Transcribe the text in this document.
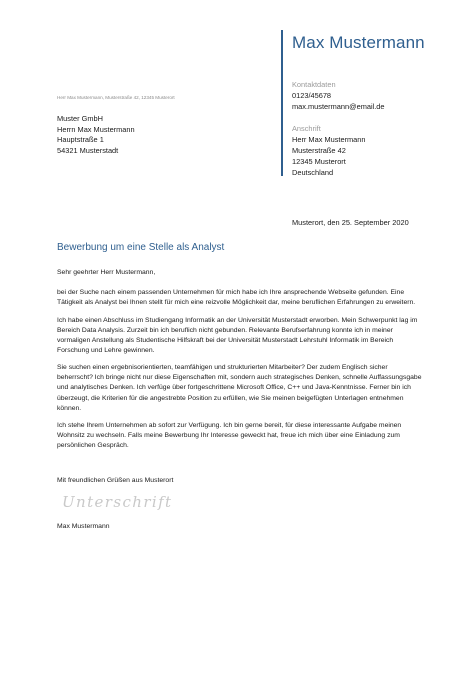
Max Mustermann
Kontaktdaten
0123/45678
max.mustermann@email.de
Anschrift
Herr Max Mustermann
Musterstraße 42
12345 Musterort
Deutschland
Herr Max Mustermann, Musterstraße 42, 12345 Musterort
Muster GmbH
Herrn Max Mustermann
Hauptstraße 1
54321 Musterstadt
Musterort, den 25. September 2020
Bewerbung um eine Stelle als Analyst

Sehr geehrter Herr Mustermann,

bei der Suche nach einem passenden Unternehmen für mich habe ich Ihre ansprechende Webseite gefunden. Eine Tätigkeit als Analyst bei Ihnen stellt für mich eine reizvolle Möglichkeit dar, meine beruflichen Erfahrungen zu erweitern.

Ich habe einen Abschluss im Studiengang Informatik an der Universität Musterstadt erworben. Mein Schwerpunkt lag im Bereich Data Analysis. Zurzeit bin ich beruflich nicht gebunden. Relevante Berufserfahrung konnte ich in meiner vormaligen Anstellung als Studentische Hilfskraft bei der Universität Musterstadt Lehrstuhl Informatik im Bereich Forschung und Lehre gewinnen.

Sie suchen einen ergebnisorientierten, teamfähigen und strukturierten Mitarbeiter? Der zudem Englisch sicher beherrscht? Ich bringe nicht nur diese Eigenschaften mit, sondern auch strategisches Denken, schnelle Auffassungsgabe und analytisches Denken. Ich verfüge über fortgeschrittene Microsoft Office, C++ und Java-Kenntnisse. Ferner bin ich überzeugt, die Kriterien für die angestrebte Position zu erfüllen, wie Sie meinen beigefügten Unterlagen entnehmen können.

Ich stehe Ihrem Unternehmen ab sofort zur Verfügung. Ich bin gerne bereit, für diese interessante Aufgabe meinen Wohnsitz zu wechseln. Falls meine Bewerbung Ihr Interesse geweckt hat, freue ich mich über eine Einladung zum persönlichen Gespräch.

Mit freundlichen Grüßen aus Musterort
Unterschrift
Max Mustermann
